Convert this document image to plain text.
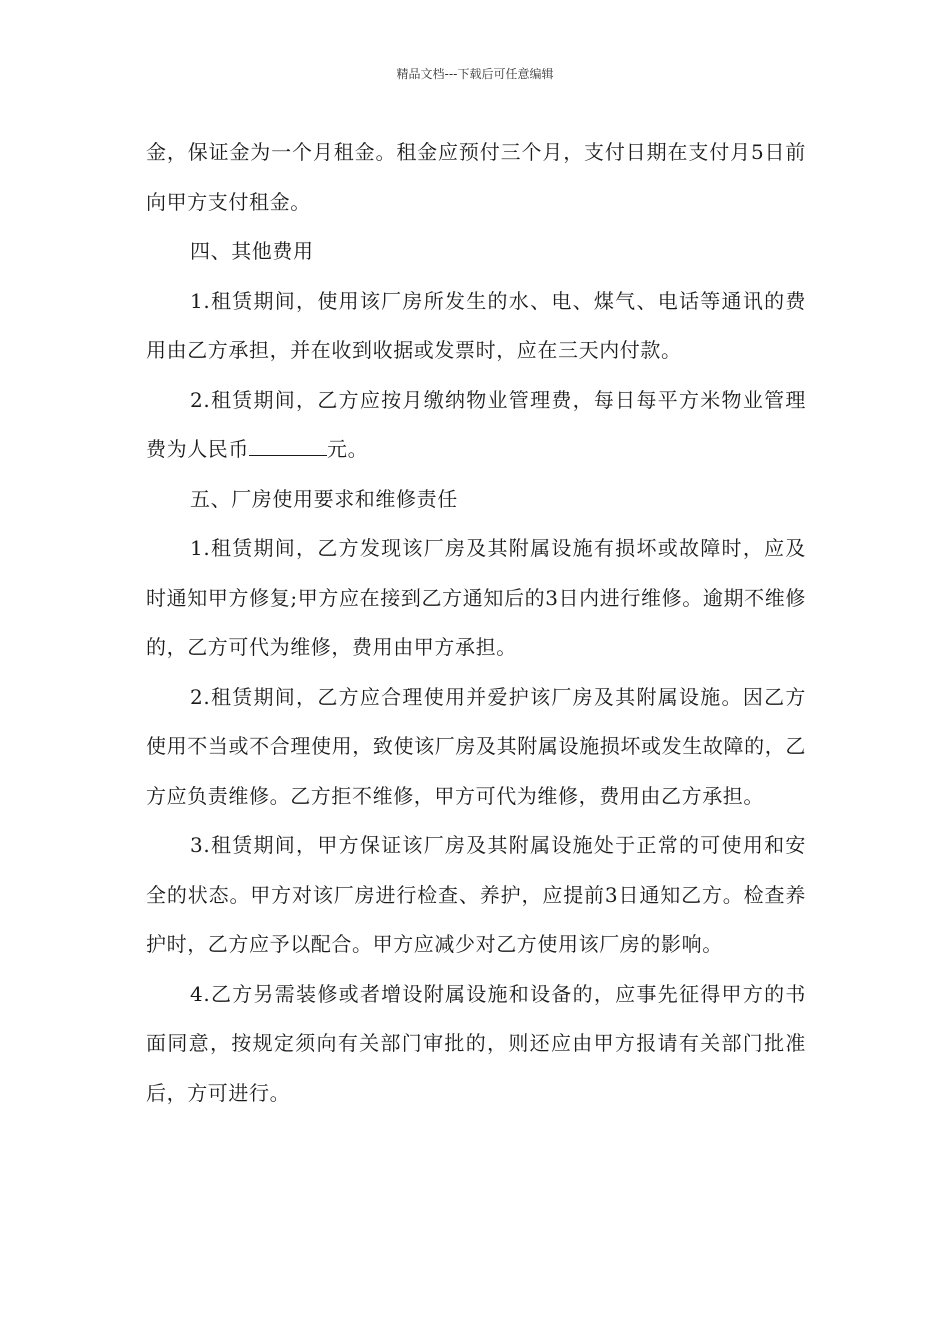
精品文档---下载后可任意编辑

金，保证金为一个月租金。租金应预付三个月，支付日期在支付月5日前向甲方支付租金。

四、其他费用

1.租赁期间，使用该厂房所发生的水、电、煤气、电话等通讯的费用由乙方承担，并在收到收据或发票时，应在三天内付款。

2.租赁期间，乙方应按月缴纳物业管理费，每日每平方米物业管理费为人民币	元。

五、厂房使用要求和维修责任

1.租赁期间，乙方发现该厂房及其附属设施有损坏或故障时，应及时通知甲方修复;甲方应在接到乙方通知后的3日内进行维修。逾期不维修的，乙方可代为维修，费用由甲方承担。

2.租赁期间，乙方应合理使用并爱护该厂房及其附属设施。因乙方使用不当或不合理使用，致使该厂房及其附属设施损坏或发生故障的，乙方应负责维修。乙方拒不维修，甲方可代为维修，费用由乙方承担。

3.租赁期间，甲方保证该厂房及其附属设施处于正常的可使用和安全的状态。甲方对该厂房进行检查、养护，应提前3日通知乙方。检查养护时，乙方应予以配合。甲方应减少对乙方使用该厂房的影响。

4.乙方另需装修或者增设附属设施和设备的，应事先征得甲方的书面同意，按规定须向有关部门审批的，则还应由甲方报请有关部门批准后，方可进行。
